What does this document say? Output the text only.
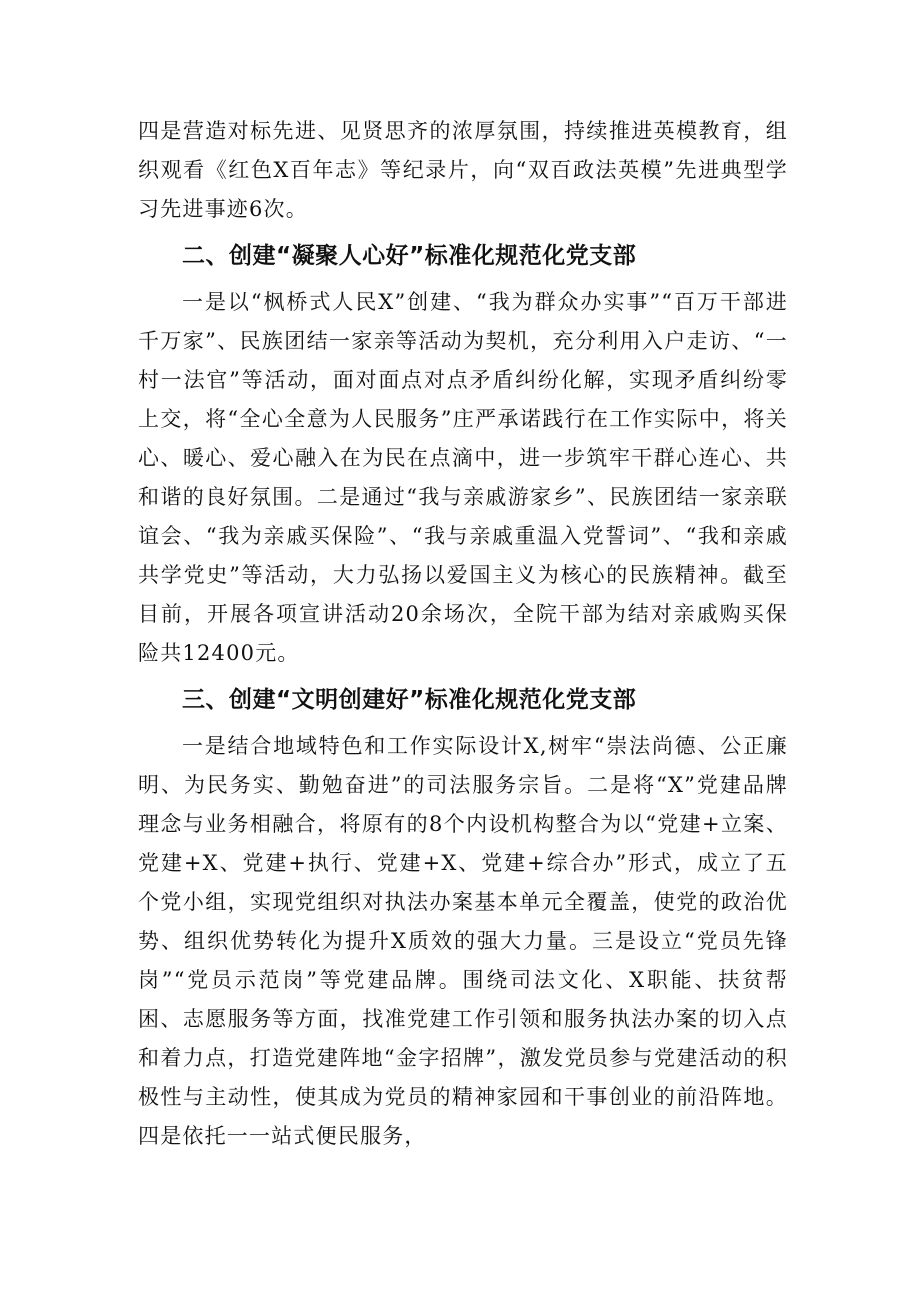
四是营造对标先进、见贤思齐的浓厚氛围，持续推进英模教育，组织观看《红色X百年志》等纪录片，向“双百政法英模”先进典型学习先进事迹6次。

二、创建“凝聚人心好”标准化规范化党支部

一是以“枫桥式人民X”创建、“我为群众办实事”“百万干部进千万家”、民族团结一家亲等活动为契机，充分利用入户走访、“一村一法官”等活动，面对面点对点矛盾纠纷化解，实现矛盾纠纷零上交，将“全心全意为人民服务”庄严承诺践行在工作实际中，将关心、暖心、爱心融入在为民在点滴中，进一步筑牢干群心连心、共和谐的良好氛围。二是通过“我与亲戚游家乡”、民族团结一家亲联谊会、“我为亲戚买保险”、“我与亲戚重温入党誓词”、“我和亲戚共学党史”等活动，大力弘扬以爱国主义为核心的民族精神。截至目前，开展各项宣讲活动20余场次，全院干部为结对亲戚购买保险共12400元。

三、创建“文明创建好”标准化规范化党支部

一是结合地域特色和工作实际设计X,树牢“崇法尚德、公正廉明、为民务实、勤勉奋进”的司法服务宗旨。二是将“X”党建品牌理念与业务相融合，将原有的8个内设机构整合为以“党建+立案、党建+X、党建+执行、党建+X、党建+综合办”形式，成立了五个党小组，实现党组织对执法办案基本单元全覆盖，使党的政治优势、组织优势转化为提升X质效的强大力量。三是设立“党员先锋岗”“党员示范岗”等党建品牌。围绕司法文化、X职能、扶贫帮困、志愿服务等方面，找准党建工作引领和服务执法办案的切入点和着力点，打造党建阵地“金字招牌”，激发党员参与党建活动的积极性与主动性，使其成为党员的精神家园和干事创业的前沿阵地。四是依托一一站式便民服务，
